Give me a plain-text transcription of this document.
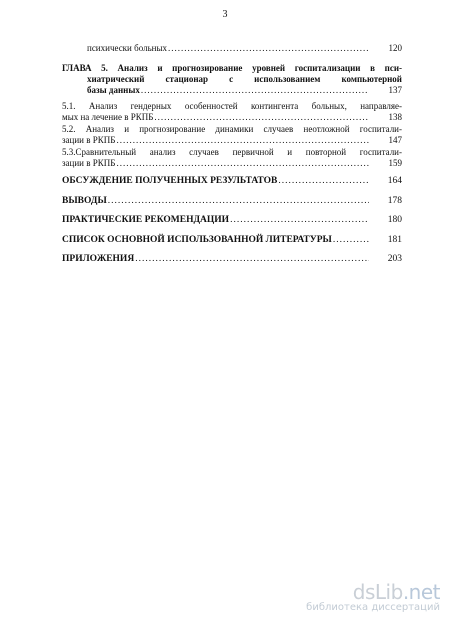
3
психически больных .....	120
ГЛАВА 5. Анализ и прогнозирование уровней госпитализации в пси-
хиатрический стационар с использованием компьютерной
базы данных .....	137
5.1. Анализ гендерных особенностей контингента больных, направляе-
мых на лечение в РКПБ .....	138
5.2. Анализ и прогнозирование динамики случаев неотложной госпитали-
зации в РКПБ .....	147
5.3.Сравнительный анализ случаев первичной и повторной госпитали-
зации в РКПБ .....	159
ОБСУЖДЕНИЕ ПОЛУЧЕННЫХ РЕЗУЛЬТАТОВ .....	164
ВЫВОДЫ .....	178
ПРАКТИЧЕСКИЕ РЕКОМЕНДАЦИИ .....	180
СПИСОК ОСНОВНОЙ ИСПОЛЬЗОВАННОЙ ЛИТЕРАТУРЫ .....	181
ПРИЛОЖЕНИЯ .....	203
dsLib.net
библиотека диссертаций
